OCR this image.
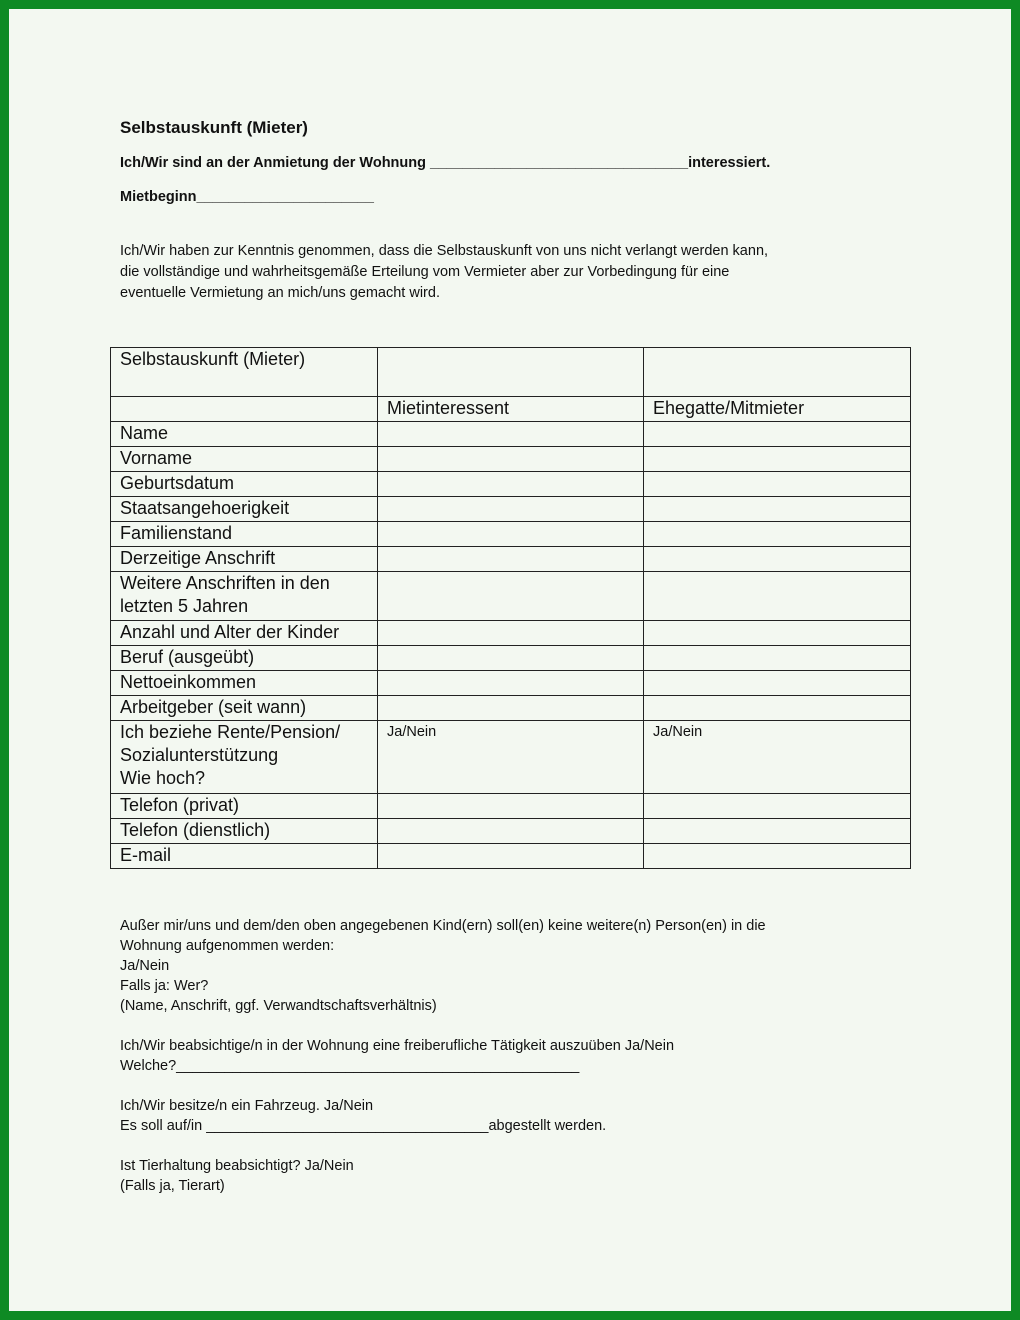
Selbstauskunft (Mieter)

Ich/Wir sind an der Anmietung der Wohnung ________________________________interessiert.

Mietbeginn______________________

Ich/Wir haben zur Kenntnis genommen, dass die Selbstauskunft von uns nicht verlangt werden kann,
die vollständige und wahrheitsgemäße Erteilung vom Vermieter aber zur Vorbedingung für eine
eventuelle Vermietung an mich/uns gemacht wird.
Selbstauskunft (Mieter)		
	Mietinteressent	Ehegatte/Mitmieter
Name		
Vorname		
Geburtsdatum		
Staatsangehoerigkeit		
Familienstand		
Derzeitige Anschrift		

Weitere Anschriften in den
letzten 5 Jahren		

Anzahl und Alter der Kinder		
Beruf (ausgeübt)		
Nettoeinkommen		
Arbeitgeber (seit wann)		

Ich beziehe Rente/Pension/
Sozialunterstützung
Wie hoch?	Ja/Nein	Ja/Nein
Telefon (privat)		
Telefon (dienstlich)		
E-mail		
Außer mir/uns und dem/den oben angegebenen Kind(ern) soll(en) keine weitere(n) Person(en) in die
Wohnung aufgenommen werden:
Ja/Nein
Falls ja: Wer?
(Name, Anschrift, ggf. Verwandtschaftsverhältnis)
Ich/Wir beabsichtige/n in der Wohnung eine freiberufliche Tätigkeit auszuüben Ja/Nein
Welche?__________________________________________________
Ich/Wir besitze/n ein Fahrzeug. Ja/Nein
Es soll auf/in ___________________________________abgestellt werden.
Ist Tierhaltung beabsichtigt? Ja/Nein
(Falls ja, Tierart)
